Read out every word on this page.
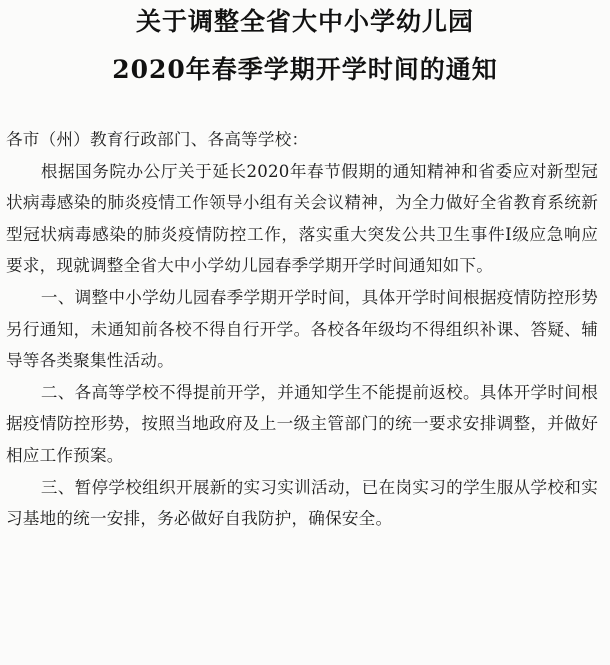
关于调整全省大中小学幼儿园
2020年春季学期开学时间的通知

各市（州）教育行政部门、各高等学校：

根据国务院办公厅关于延长2020年春节假期的通知精神和省委应对新型冠状病毒感染的肺炎疫情工作领导小组有关会议精神，为全力做好全省教育系统新型冠状病毒感染的肺炎疫情防控工作，落实重大突发公共卫生事件Ⅰ级应急响应要求，现就调整全省大中小学幼儿园春季学期开学时间通知如下。

一、调整中小学幼儿园春季学期开学时间，具体开学时间根据疫情防控形势另行通知，未通知前各校不得自行开学。各校各年级均不得组织补课、答疑、辅导等各类聚集性活动。

二、各高等学校不得提前开学，并通知学生不能提前返校。具体开学时间根据疫情防控形势，按照当地政府及上一级主管部门的统一要求安排调整，并做好相应工作预案。

三、暂停学校组织开展新的实习实训活动，已在岗实习的学生服从学校和实习基地的统一安排，务必做好自我防护，确保安全。
